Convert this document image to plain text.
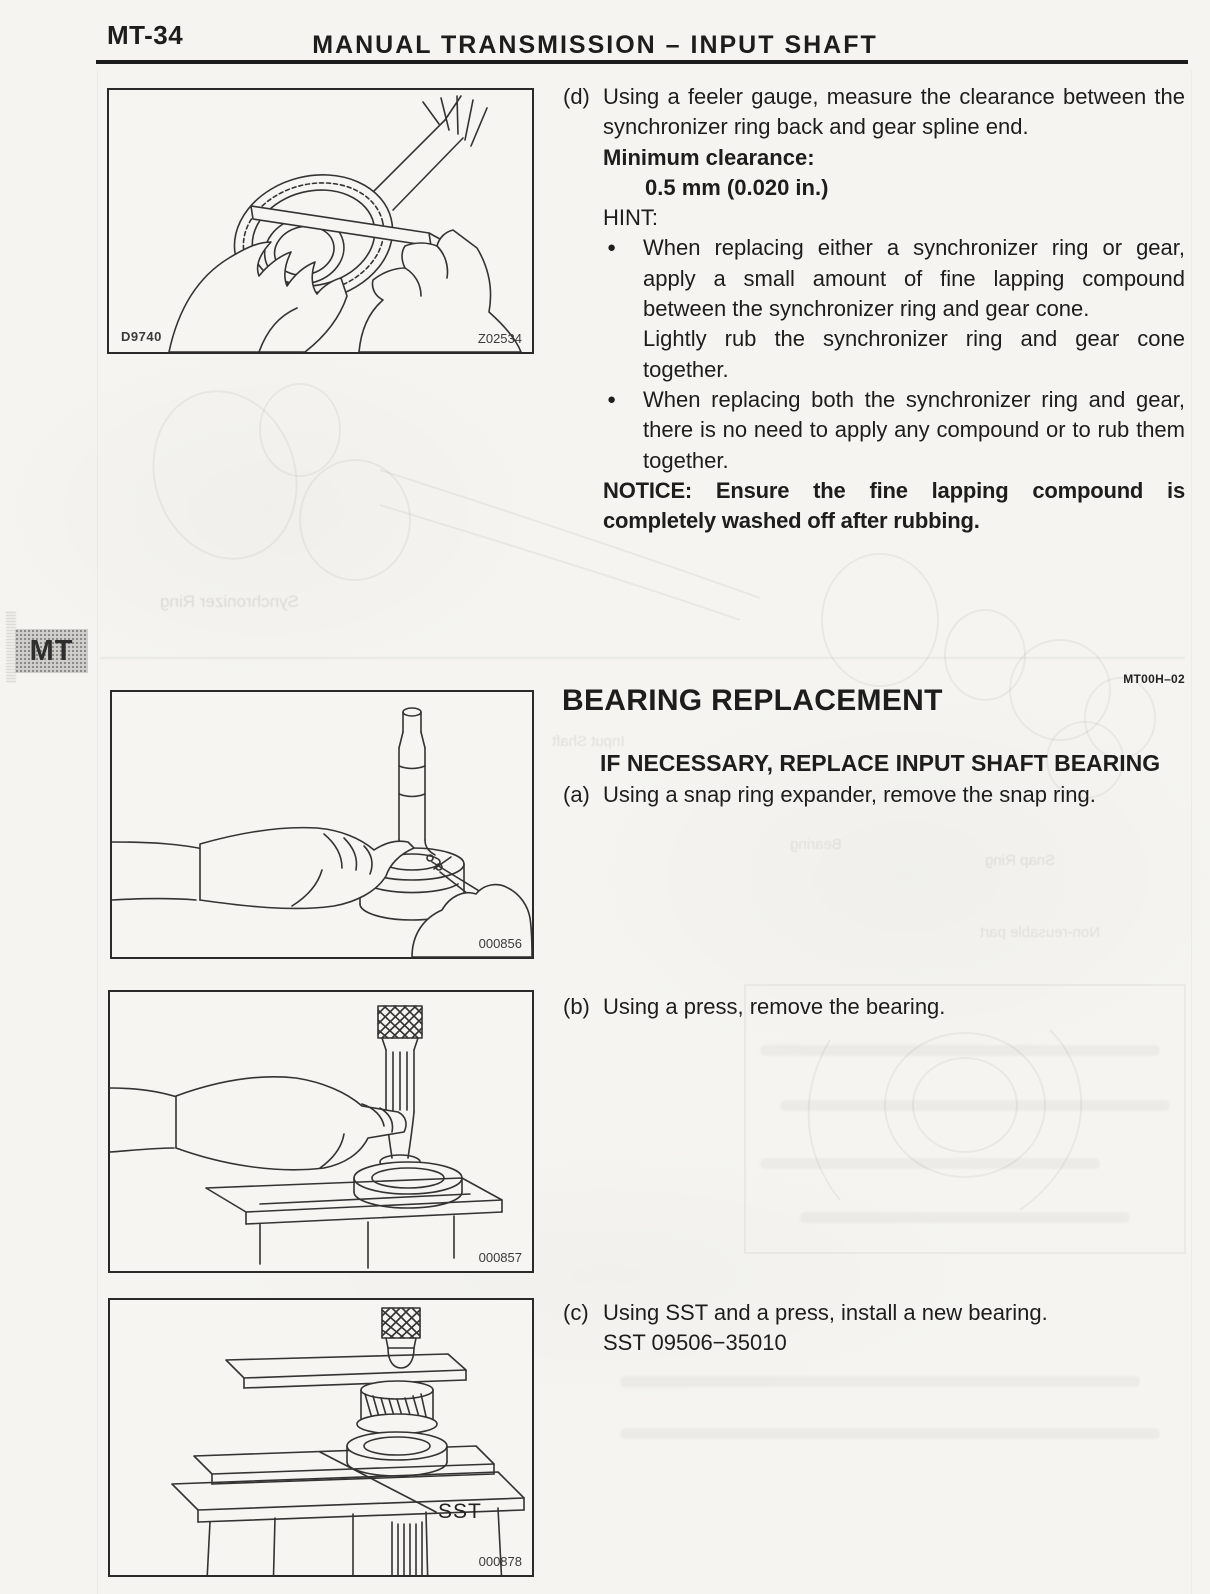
Synchronizer Ring
Input Shaft
Bearing
Snap Ring
Non-reusable part
MT-34	MANUAL TRANSMISSION – INPUT SHAFT
MT
D9740	Z02534
000856
000857
SST
000878
(d) Using a feeler gauge, measure the clearance between the synchronizer ring back and gear spline end.
Minimum clearance:
0.5 mm (0.020 in.)
HINT:
● When replacing either a synchronizer ring or gear, apply a small amount of fine lapping compound between the synchronizer ring and gear cone.
Lightly rub the synchronizer ring and gear cone together.
● When replacing both the synchronizer ring and gear, there is no need to apply any compound or to rub them together.
NOTICE: Ensure the fine lapping compound is completely washed off after rubbing.
MT00H–02
BEARING REPLACEMENT
IF NECESSARY, REPLACE INPUT SHAFT BEARING
(a) Using a snap ring expander, remove the snap ring.
(b) Using a press, remove the bearing.
(c) Using SST and a press, install a new bearing.
SST 09506−35010
